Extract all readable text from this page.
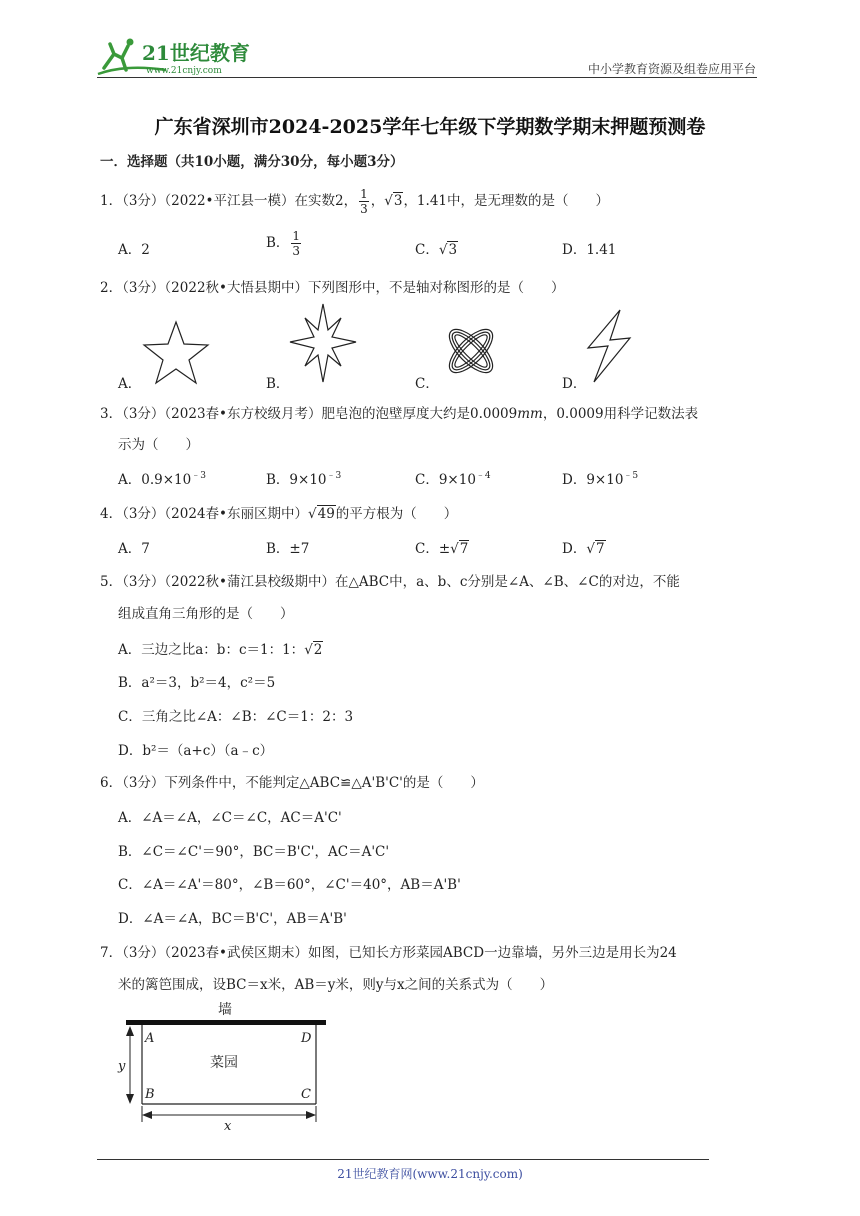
21世纪教育
www.21cnjy.com	中小学教育资源及组卷应用平台
广东省深圳市2024-2025学年七年级下学期数学期末押题预测卷
一．选择题（共10小题，满分30分，每小题3分）
1．（3分）（2022•平江县一模）在实数2， $\frac{1}{3}$ ，√3，1.41中，是无理数的是（　　）
A．2	B． $\frac{1}{3}$	C．√3	D．1.41
2．（3分）（2022秋•大悟县期中）下列图形中，不是轴对称图形的是（　　）
A．	B．	C．	D．
3．（3分）（2023春•东方校级月考）肥皂泡的泡壁厚度大约是0.0009mm，0.0009用科学记数法表
示为（　　）
A．$0.9\times 10^{﹣3}$	B．$9\times 10^{﹣3}$	C．$9\times 10^{﹣4}$	D．$9\times 10^{﹣5}$
4．（3分）（2024春•东丽区期中）√49的平方根为（　　）
A．7	B．±7	C．±√7	D．√7
5．（3分）（2022秋•蒲江县校级期中）在△ABC中，a、b、c分别是∠A、∠B、∠C的对边，不能
组成直角三角形的是（　　）
A．三边之比a：b：c＝1：1：√2
B．a²＝3，b²＝4，c²＝5
C．三角之比∠A：∠B：∠C＝1：2：3
D．b²＝（a+c）（a﹣c）
6．（3分）下列条件中，不能判定△ABC≌△A'B'C'的是（　　）
A．∠A＝∠A，∠C＝∠C，AC＝A'C'
B．∠C＝∠C'＝90°，BC＝B'C'，AC＝A'C'
C．∠A＝∠A'＝80°，∠B＝60°，∠C'＝40°，AB＝A'B'
D．∠A＝∠A，BC＝B'C'，AB＝A'B'
7．（3分）（2023春•武侯区期末）如图，已知长方形菜园ABCD一边靠墙，另外三边是用长为24
米的篱笆围成，设BC＝x米，AB＝y米，则y与x之间的关系式为（　　）
墙
A	D
B	C
菜园
y
x
21世纪教育网(www.21cnjy.com)
